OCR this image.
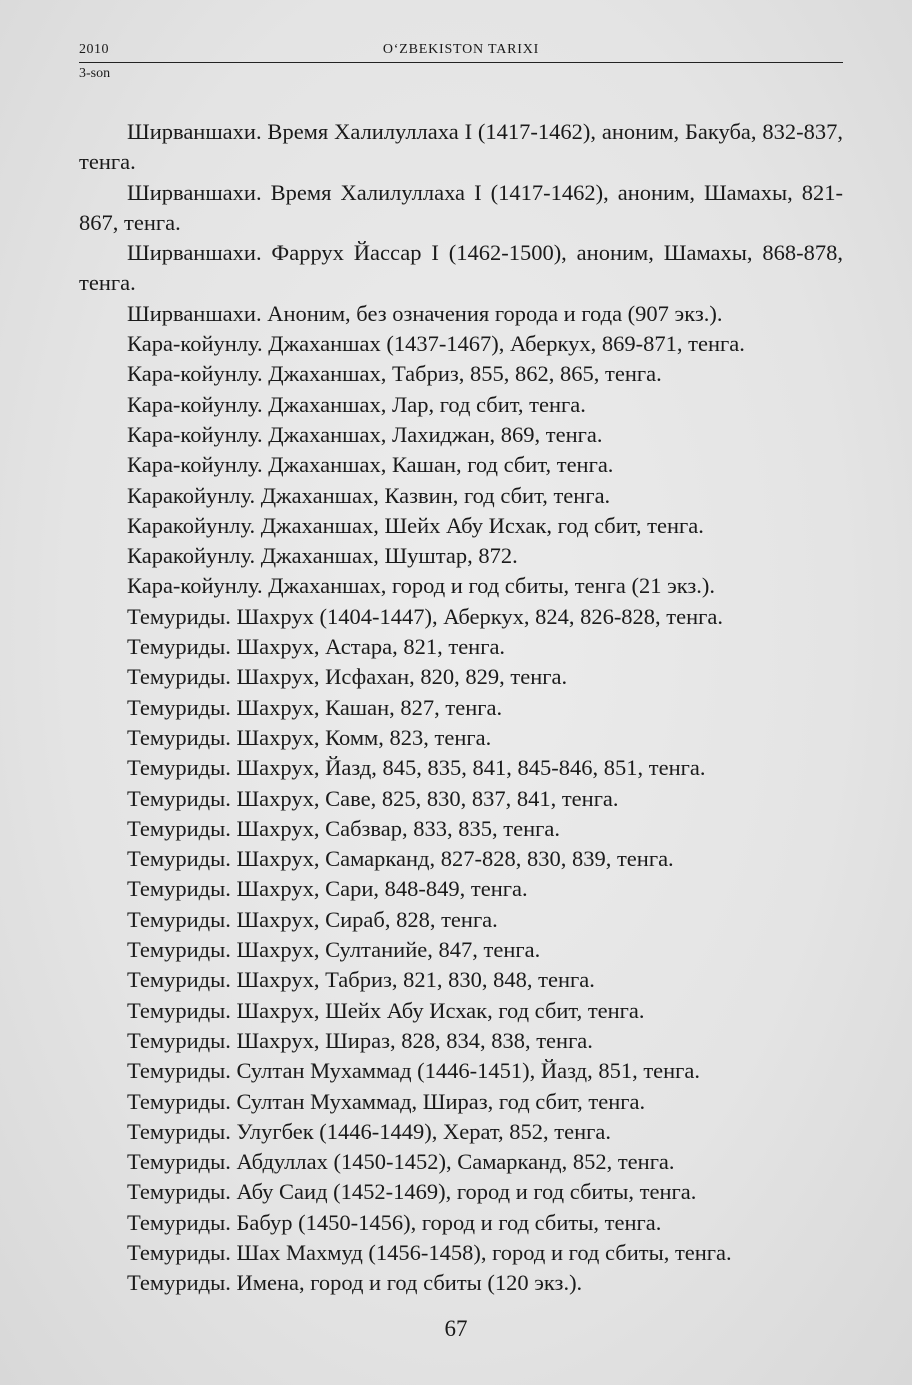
2010	O‘ZBEKISTON TARIXI
3-son

Ширваншахи. Время Халилуллаха I (1417-1462), аноним, Бакуба, 832-837, тенга.

Ширваншахи. Время Халилуллаха I (1417-1462), аноним, Шамахы, 821-867, тенга.

Ширваншахи. Фаррух Йассар I (1462-1500), аноним, Шамахы, 868-878, тенга.

Ширваншахи. Аноним, без означения города и года (907 экз.).

Кара-койунлу. Джаханшах (1437-1467), Аберкух, 869-871, тенга.

Кара-койунлу. Джаханшах, Табриз, 855, 862, 865, тенга.

Кара-койунлу. Джаханшах, Лар, год сбит, тенга.

Кара-койунлу. Джаханшах, Лахиджан, 869, тенга.

Кара-койунлу. Джаханшах, Кашан, год сбит, тенга.

Каракойунлу. Джаханшах, Казвин, год сбит, тенга.

Каракойунлу. Джаханшах, Шейх Абу Исхак, год сбит, тенга.

Каракойунлу. Джаханшах, Шуштар, 872.

Кара-койунлу. Джаханшах, город и год сбиты, тенга (21 экз.).

Темуриды. Шахрух (1404-1447), Аберкух, 824, 826-828, тенга.

Темуриды. Шахрух, Астара, 821, тенга.

Темуриды. Шахрух, Исфахан, 820, 829, тенга.

Темуриды. Шахрух, Кашан, 827, тенга.

Темуриды. Шахрух, Комм, 823, тенга.

Темуриды. Шахрух, Йазд, 845, 835, 841, 845-846, 851, тенга.

Темуриды. Шахрух, Саве, 825, 830, 837, 841, тенга.

Темуриды. Шахрух, Сабзвар, 833, 835, тенга.

Темуриды. Шахрух, Самарканд, 827-828, 830, 839, тенга.

Темуриды. Шахрух, Сари, 848-849, тенга.

Темуриды. Шахрух, Сираб, 828, тенга.

Темуриды. Шахрух, Султанийе, 847, тенга.

Темуриды. Шахрух, Табриз, 821, 830, 848, тенга.

Темуриды. Шахрух, Шейх Абу Исхак, год сбит, тенга.

Темуриды. Шахрух, Шираз, 828, 834, 838, тенга.

Темуриды. Султан Мухаммад (1446-1451), Йазд, 851, тенга.

Темуриды. Султан Мухаммад, Шираз, год сбит, тенга.

Темуриды. Улугбек (1446-1449), Херат, 852, тенга.

Темуриды. Абдуллах (1450-1452), Самарканд, 852, тенга.

Темуриды. Абу Саид (1452-1469), город и год сбиты, тенга.

Темуриды. Бабур (1450-1456), город и год сбиты, тенга.

Темуриды. Шах Махмуд (1456-1458), город и год сбиты, тенга.

Темуриды. Имена, город и год сбиты (120 экз.).

67
